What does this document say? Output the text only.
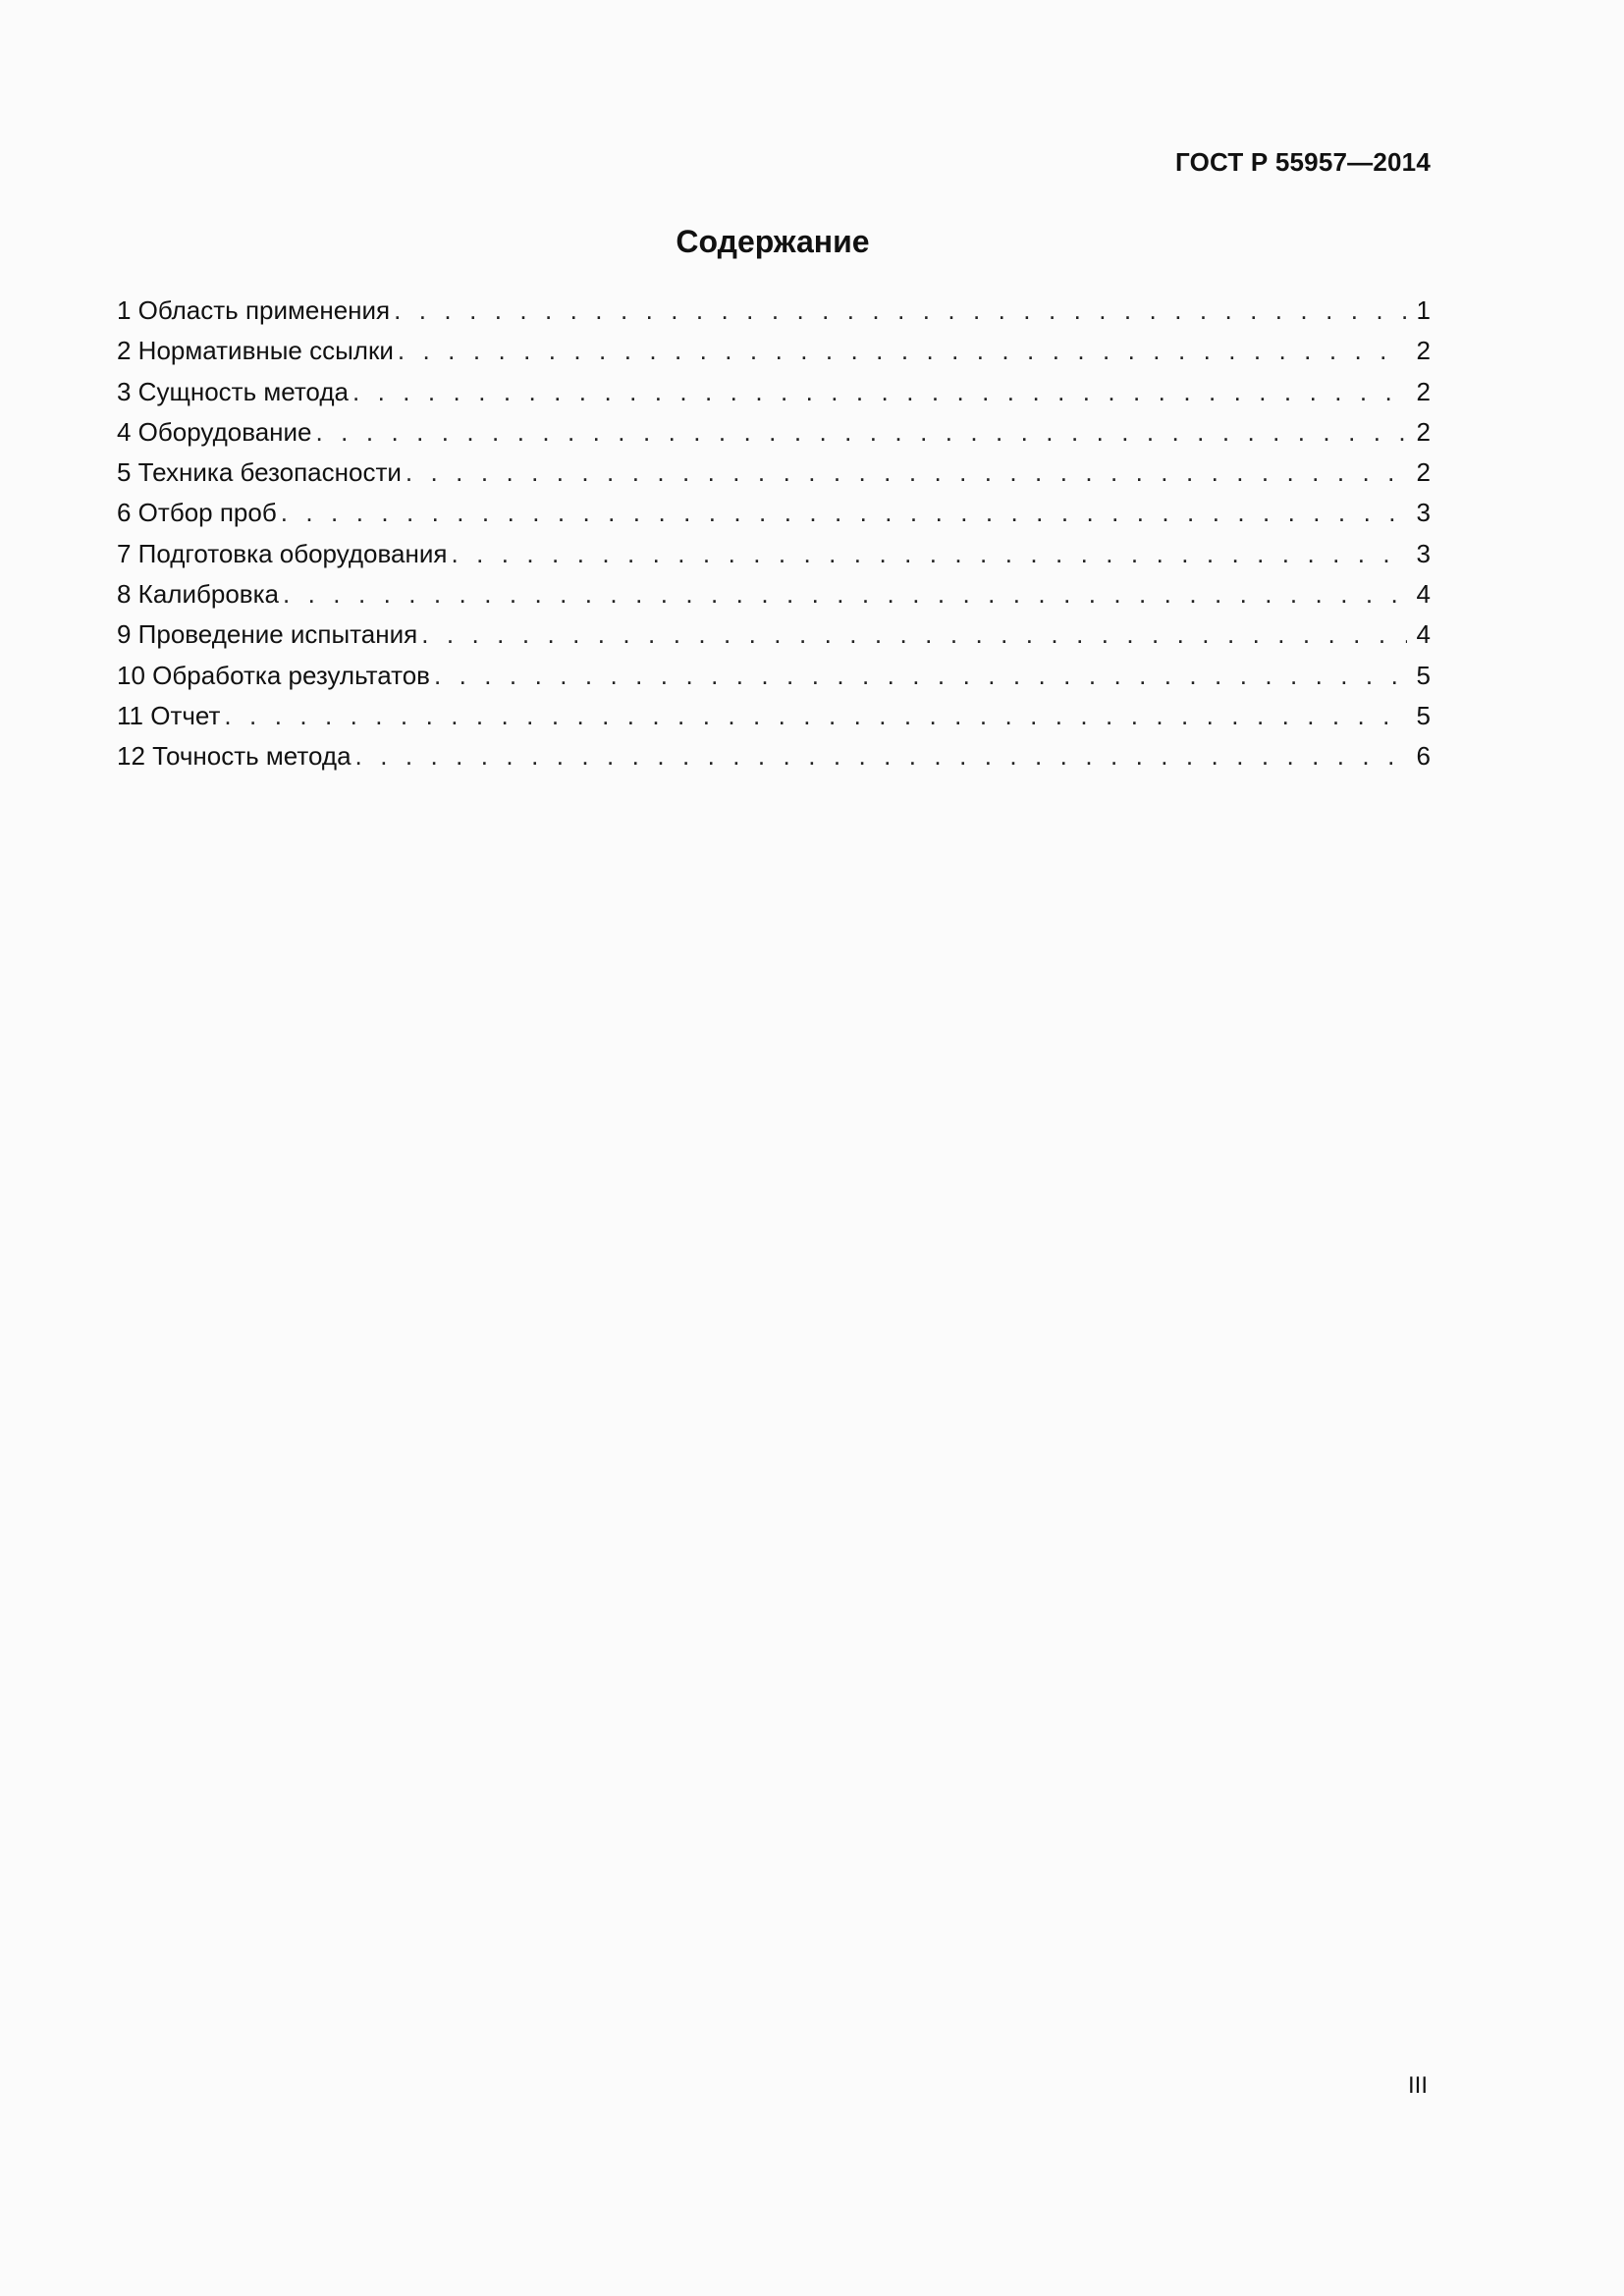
ГОСТ Р 55957—2014
Содержание
1 Область применения . . .	1
2 Нормативные ссылки . . .	2
3 Сущность метода . . .	2
4 Оборудование . . .	2
5 Техника безопасности . . .	2
6 Отбор проб . . .	3
7 Подготовка оборудования . . .	3
8 Калибровка . . .	4
9 Проведение испытания . . .	4
10 Обработка результатов . . .	5
11 Отчет . . .	5
12 Точность метода . . .	6
III
